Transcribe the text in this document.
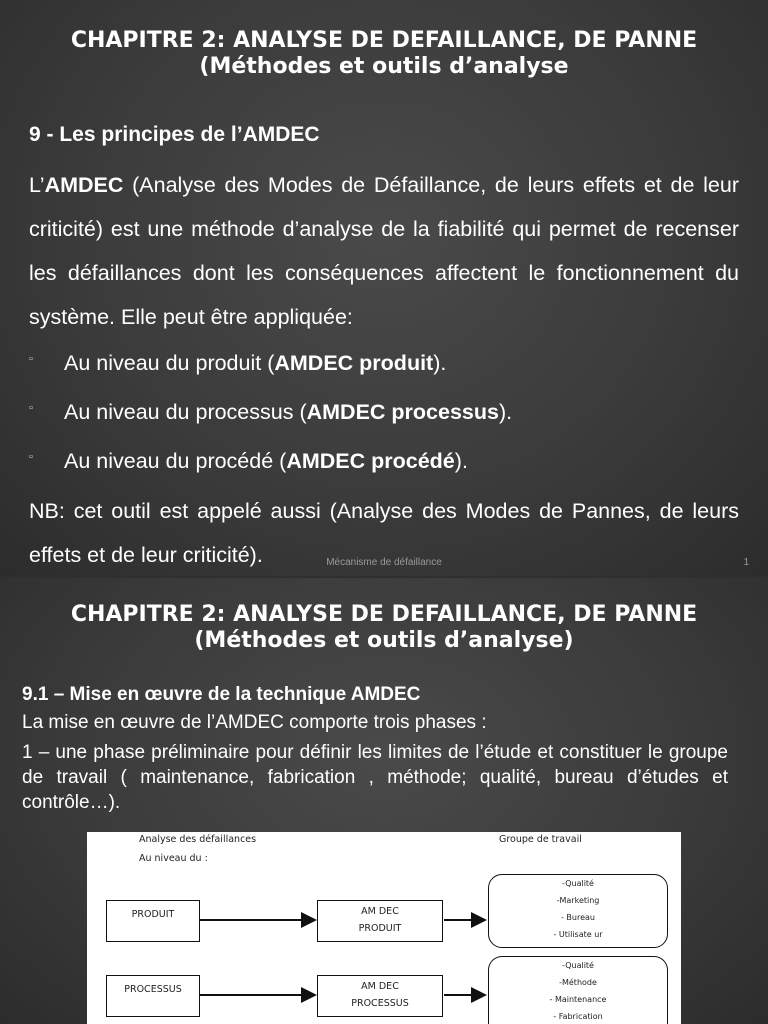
CHAPITRE 2: ANALYSE DE DEFAILLANCE, DE PANNE
(Méthodes et outils d’analyse
9 - Les principes de l’AMDEC
L’AMDEC (Analyse des Modes de Défaillance, de leurs effets et de leur criticité) est une méthode d’analyse de la fiabilité qui permet de recenser les défaillances dont les conséquences affectent le fonctionnement du système. Elle peut être appliquée:
▫ Au niveau du produit (AMDEC produit).
▫ Au niveau du processus (AMDEC processus).
▫ Au niveau du procédé (AMDEC procédé).
NB: cet outil est appelé aussi (Analyse des Modes de Pannes, de leurs effets et de leur criticité).	Mécanisme de défaillance	1
CHAPITRE 2: ANALYSE DE DEFAILLANCE, DE PANNE
(Méthodes et outils d’analyse)
9.1 – Mise en œuvre de la technique AMDEC
La mise en œuvre de l’AMDEC comporte trois phases :
1 – une phase préliminaire pour définir les limites de l’étude et constituer le groupe de travail ( maintenance, fabrication , méthode; qualité, bureau d’études et contrôle…).
Analyse des défaillances
Au niveau du :
Groupe de travail
PRODUIT	AM DEC
PRODUIT
-Qualité
-Marketing
- Bureau
- Utilisate ur
PROCESSUS	AM DEC
PROCESSUS
-Qualité
-Méthode
- Maintenance
- Fabrication
